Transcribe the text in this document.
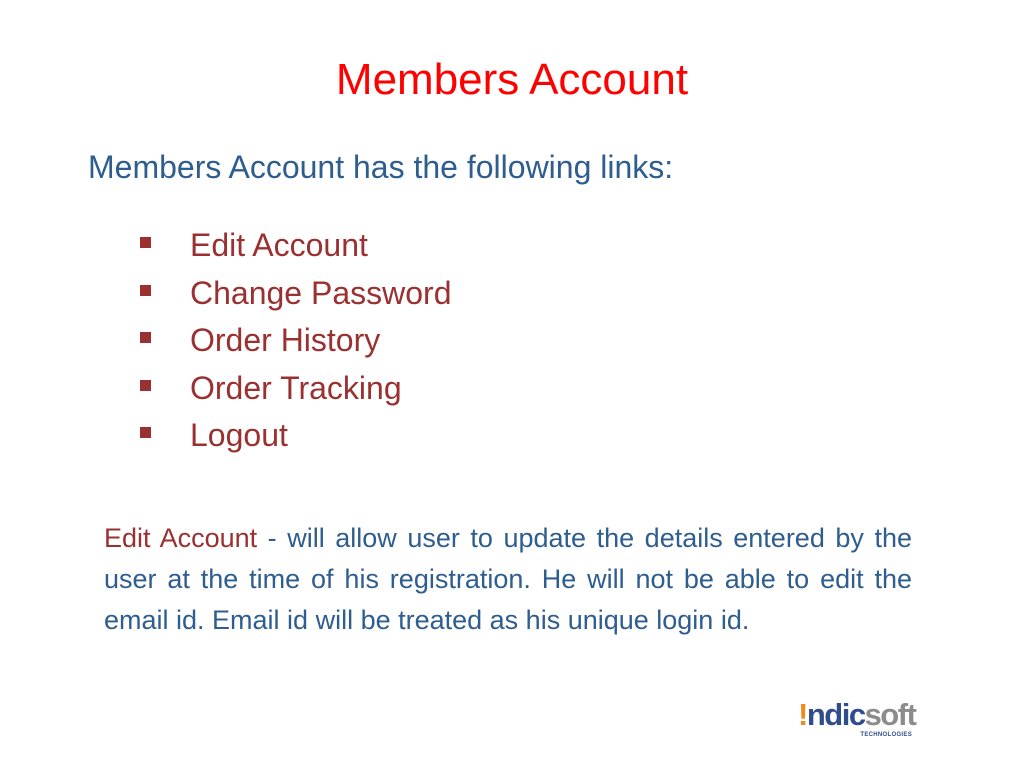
Members Account

Members Account has the following links:

Edit Account
Change Password
Order History
Order Tracking
Logout

Edit Account - will allow user to update the details entered by the user at the time of his registration. He will not be able to edit the email id. Email id will be treated as his unique login id.

!ndicsoft
TECHNOLOGIES
